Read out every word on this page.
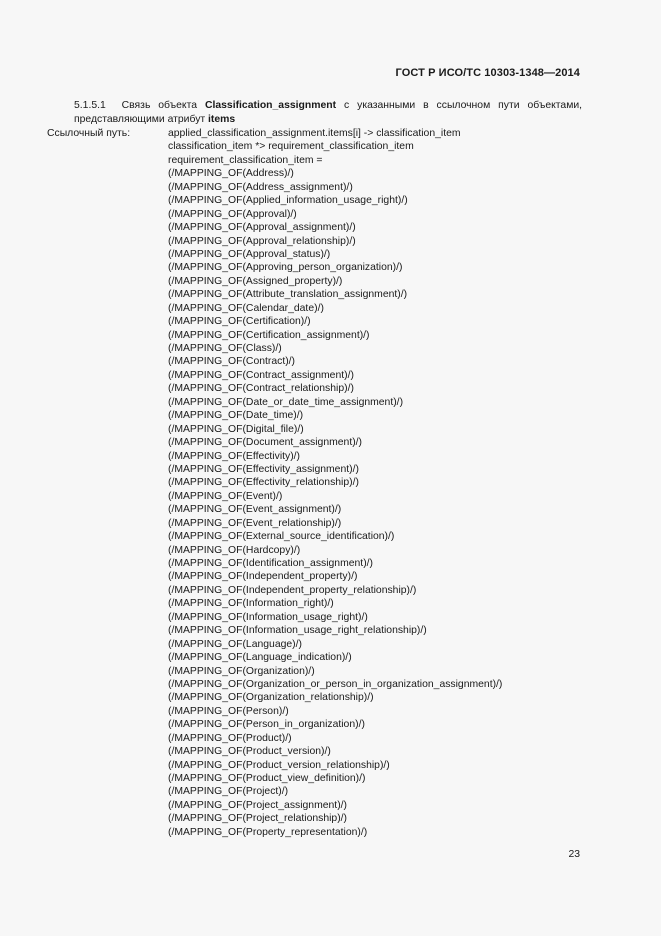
ГОСТ Р ИСО/ТС 10303-1348—2014
5.1.5.1 Связь объекта Classification_assignment с указанными в ссылочном пути объектами, представляющими атрибут items
Ссылочный путь:	applied_classification_assignment.items[i] -> classification_item
classification_item *> requirement_classification_item
requirement_classification_item =
(/MAPPING_OF(Address)/)
(/MAPPING_OF(Address_assignment)/)
(/MAPPING_OF(Applied_information_usage_right)/)
(/MAPPING_OF(Approval)/)
(/MAPPING_OF(Approval_assignment)/)
(/MAPPING_OF(Approval_relationship)/)
(/MAPPING_OF(Approval_status)/)
(/MAPPING_OF(Approving_person_organization)/)
(/MAPPING_OF(Assigned_property)/)
(/MAPPING_OF(Attribute_translation_assignment)/)
(/MAPPING_OF(Calendar_date)/)
(/MAPPING_OF(Certification)/)
(/MAPPING_OF(Certification_assignment)/)
(/MAPPING_OF(Class)/)
(/MAPPING_OF(Contract)/)
(/MAPPING_OF(Contract_assignment)/)
(/MAPPING_OF(Contract_relationship)/)
(/MAPPING_OF(Date_or_date_time_assignment)/)
(/MAPPING_OF(Date_time)/)
(/MAPPING_OF(Digital_file)/)
(/MAPPING_OF(Document_assignment)/)
(/MAPPING_OF(Effectivity)/)
(/MAPPING_OF(Effectivity_assignment)/)
(/MAPPING_OF(Effectivity_relationship)/)
(/MAPPING_OF(Event)/)
(/MAPPING_OF(Event_assignment)/)
(/MAPPING_OF(Event_relationship)/)
(/MAPPING_OF(External_source_identification)/)
(/MAPPING_OF(Hardcopy)/)
(/MAPPING_OF(Identification_assignment)/)
(/MAPPING_OF(Independent_property)/)
(/MAPPING_OF(Independent_property_relationship)/)
(/MAPPING_OF(Information_right)/)
(/MAPPING_OF(Information_usage_right)/)
(/MAPPING_OF(Information_usage_right_relationship)/)
(/MAPPING_OF(Language)/)
(/MAPPING_OF(Language_indication)/)
(/MAPPING_OF(Organization)/)
(/MAPPING_OF(Organization_or_person_in_organization_assignment)/)
(/MAPPING_OF(Organization_relationship)/)
(/MAPPING_OF(Person)/)
(/MAPPING_OF(Person_in_organization)/)
(/MAPPING_OF(Product)/)
(/MAPPING_OF(Product_version)/)
(/MAPPING_OF(Product_version_relationship)/)
(/MAPPING_OF(Product_view_definition)/)
(/MAPPING_OF(Project)/)
(/MAPPING_OF(Project_assignment)/)
(/MAPPING_OF(Project_relationship)/)
(/MAPPING_OF(Property_representation)/)
23
